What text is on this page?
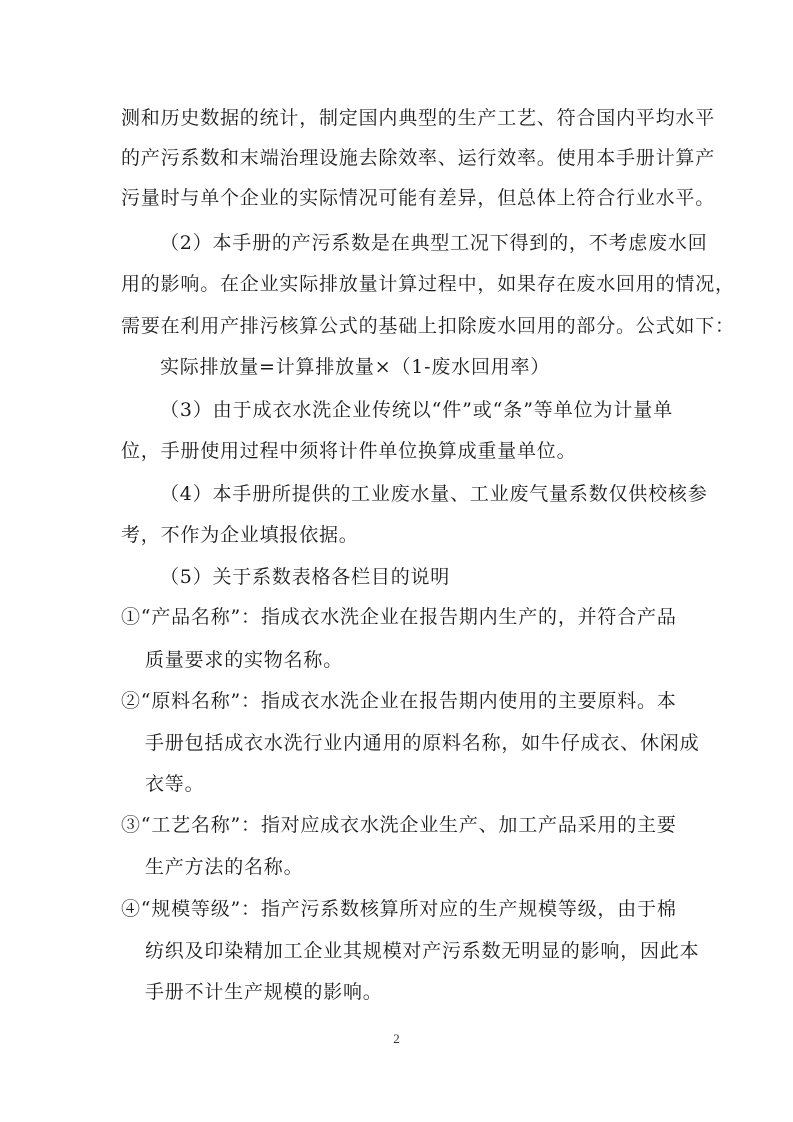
测和历史数据的统计，制定国内典型的生产工艺、符合国内平均水平
的产污系数和末端治理设施去除效率、运行效率。使用本手册计算产
污量时与单个企业的实际情况可能有差异，但总体上符合行业水平。
（2）本手册的产污系数是在典型工况下得到的，不考虑废水回
用的影响。在企业实际排放量计算过程中，如果存在废水回用的情况，
需要在利用产排污核算公式的基础上扣除废水回用的部分。公式如下：
实际排放量=计算排放量×（1-废水回用率）
（3）由于成衣水洗企业传统以“件”或“条”等单位为计量单
位，手册使用过程中须将计件单位换算成重量单位。
（4）本手册所提供的工业废水量、工业废气量系数仅供校核参
考，不作为企业填报依据。
（5）关于系数表格各栏目的说明
①“产品名称”：指成衣水洗企业在报告期内生产的，并符合产品
质量要求的实物名称。
②“原料名称”：指成衣水洗企业在报告期内使用的主要原料。本
手册包括成衣水洗行业内通用的原料名称，如牛仔成衣、休闲成
衣等。
③“工艺名称”：指对应成衣水洗企业生产、加工产品采用的主要
生产方法的名称。
④“规模等级”：指产污系数核算所对应的生产规模等级，由于棉
纺织及印染精加工企业其规模对产污系数无明显的影响，因此本
手册不计生产规模的影响。
2
